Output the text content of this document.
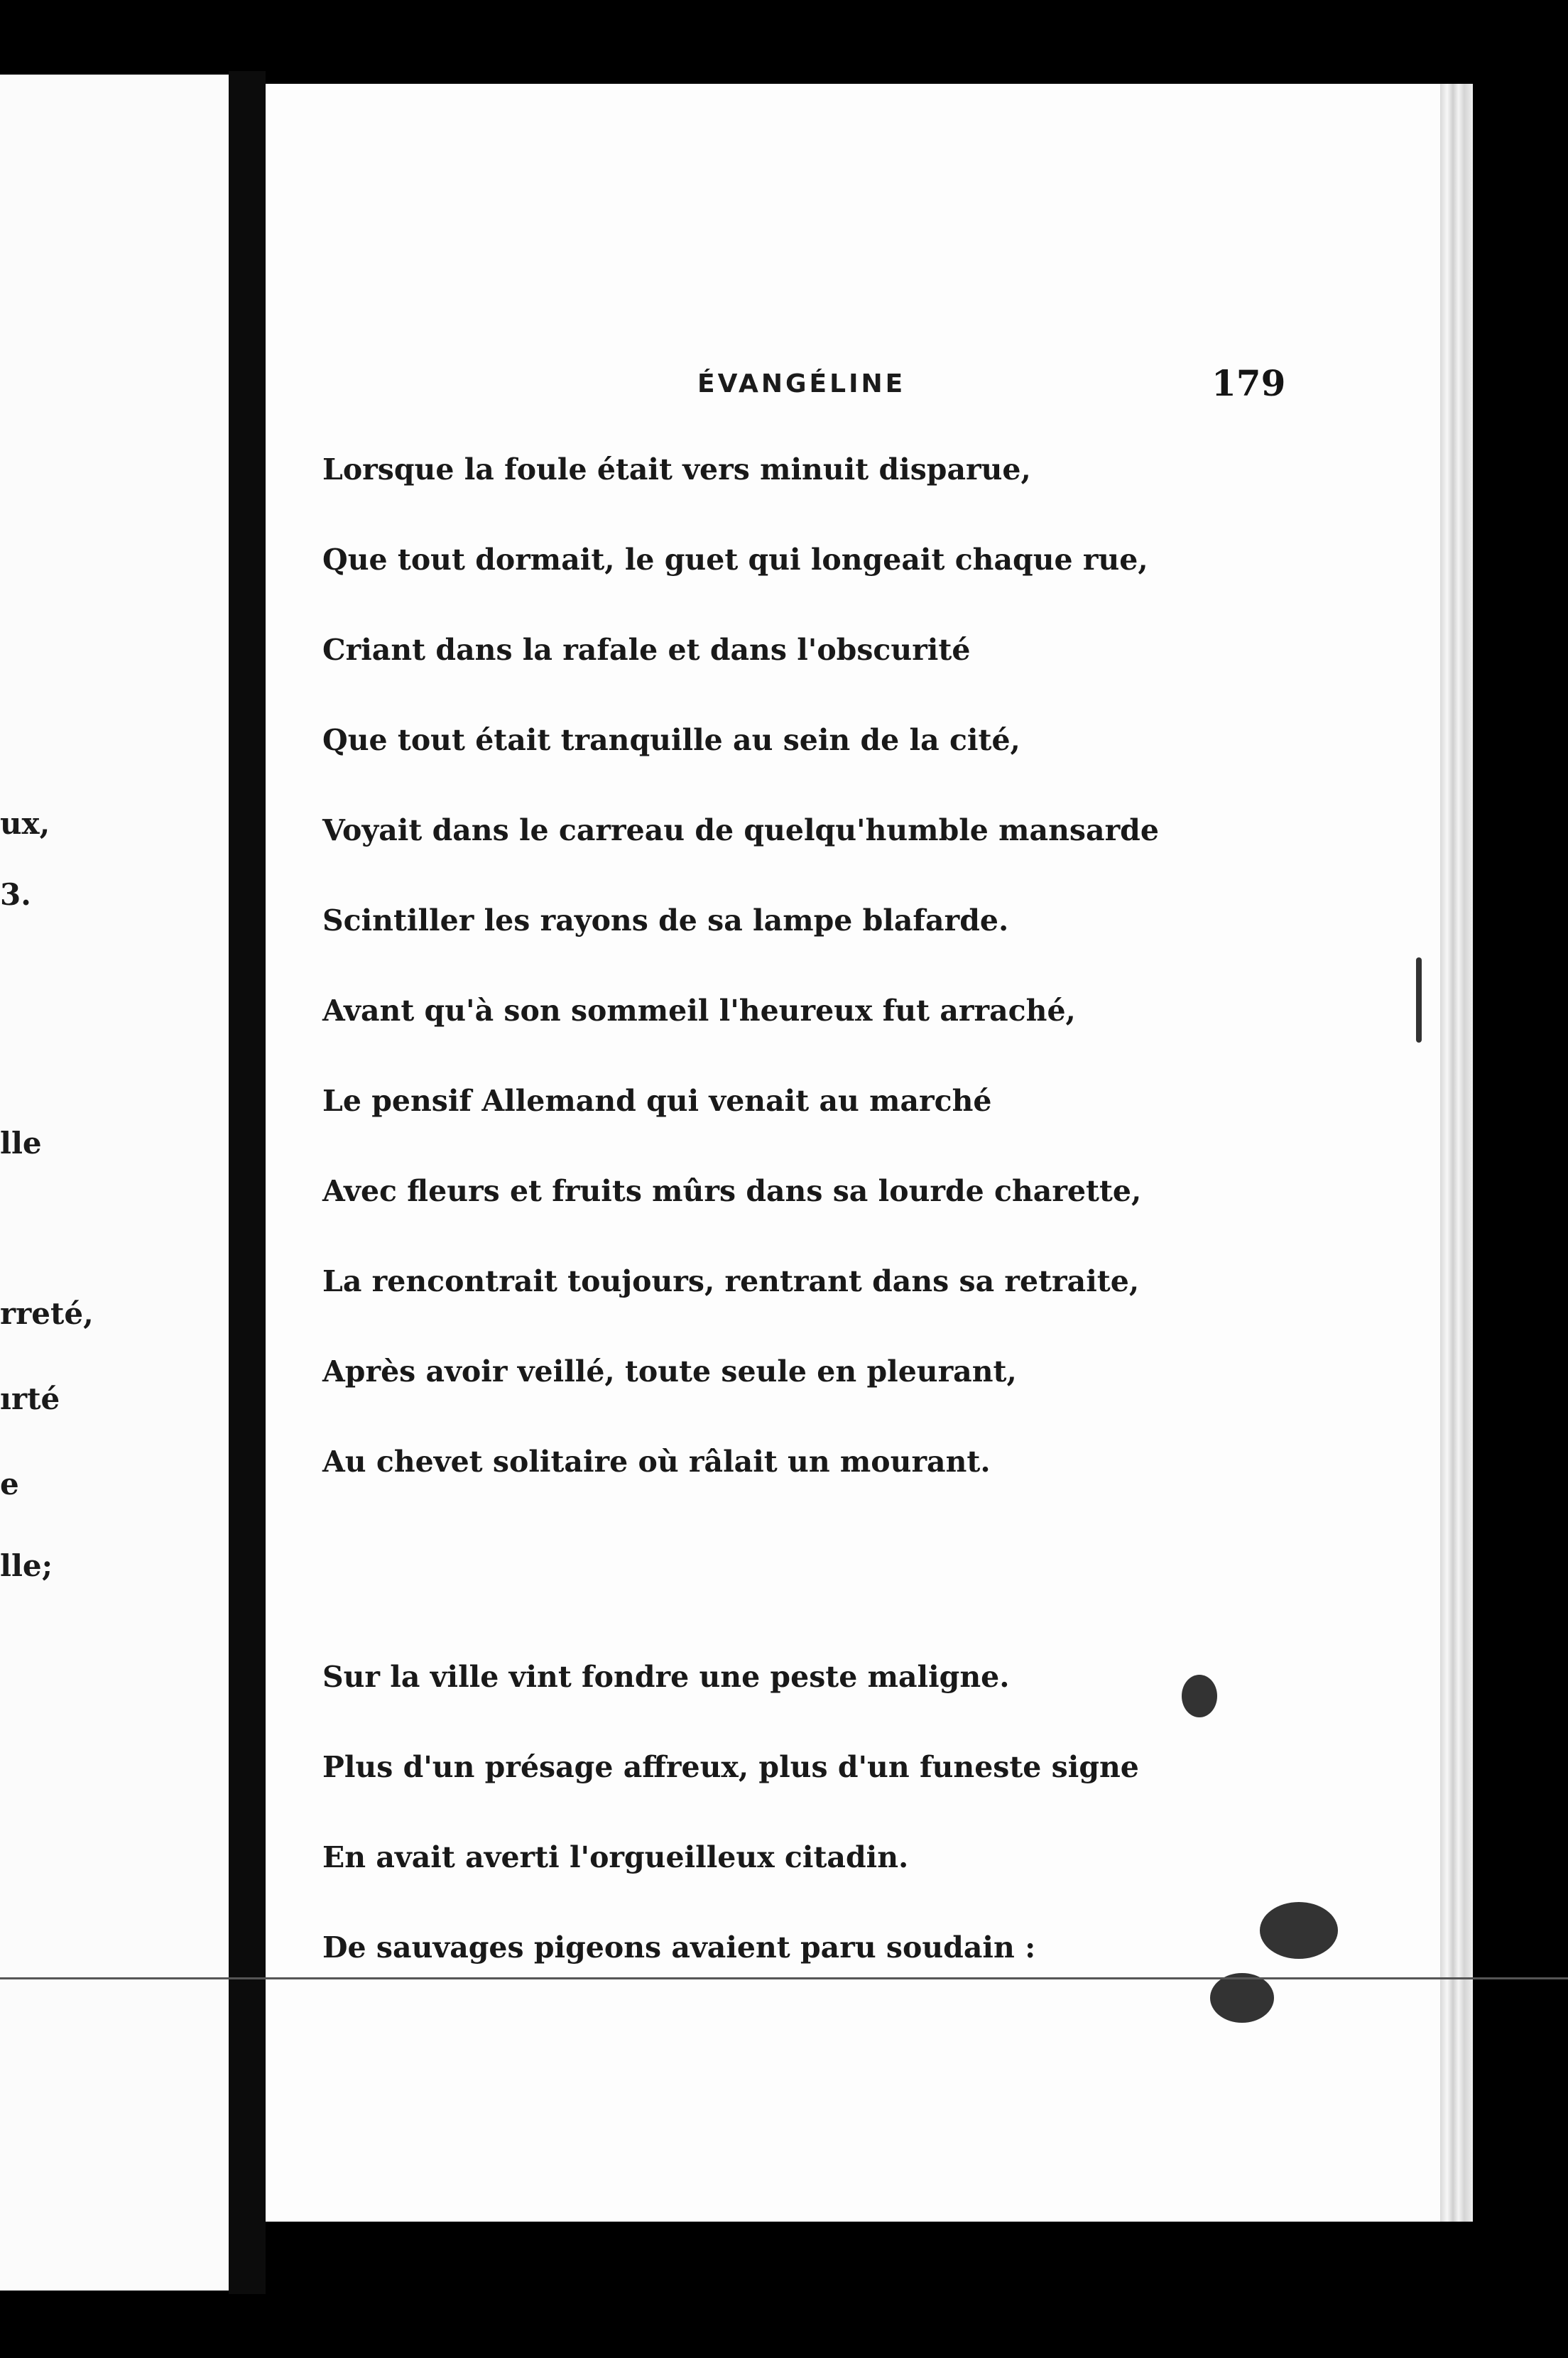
ux,

3.

lle

rreté,

ırté

e

lle;

ÉVANGÉLINE	179

Lorsque la foule était vers minuit disparue,
Que tout dormait, le guet qui longeait chaque rue,
Criant dans la rafale et dans l'obscurité
Que tout était tranquille au sein de la cité,
Voyait dans le carreau de quelqu'humble mansarde
Scintiller les rayons de sa lampe blafarde.
Avant qu'à son sommeil l'heureux fut arraché,
Le pensif Allemand qui venait au marché
Avec fleurs et fruits mûrs dans sa lourde charette,
La rencontrait toujours, rentrant dans sa retraite,
Après avoir veillé, toute seule en pleurant,
Au chevet solitaire où râlait un mourant.
Sur la ville vint fondre une peste maligne.
Plus d'un présage affreux, plus d'un funeste signe
En avait averti l'orgueilleux citadin.
De sauvages pigeons avaient paru soudain :
